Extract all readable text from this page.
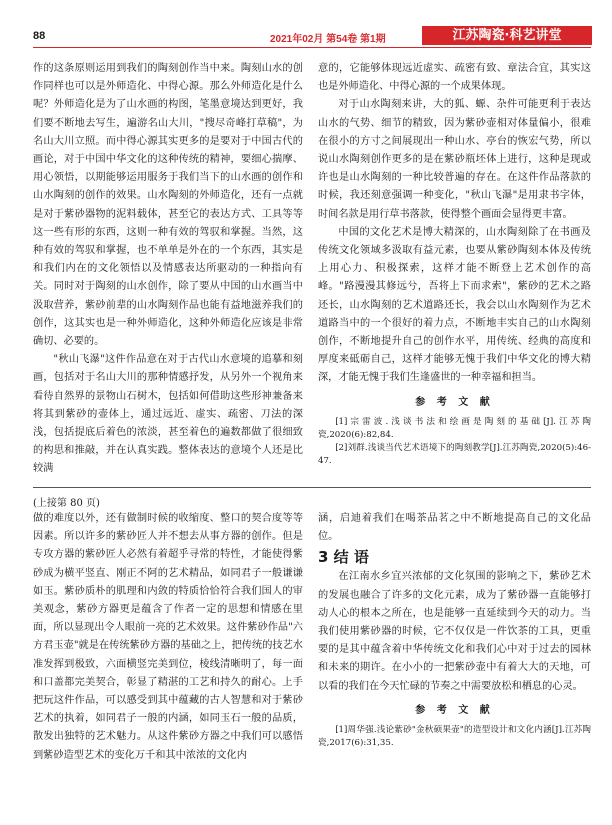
88	2021年02月 第54卷 第1期	江苏陶瓷·科艺讲堂

作的这条原则运用到我们的陶刻创作当中来。陶刻山水的创作同样也可以是外师造化、中得心源。那么外师造化是什么呢？外师造化是为了山水画的构图，笔墨意境达到更好，我们要不断地去写生，遍游名山大川，"搜尽奇峰打草稿"，为名山大川立照。而中得心源其实更多的是要对于中国古代的画论，对于中国中华文化的这种传统的精神，要细心揣摩、用心领悟，以期能够运用服务于我们当下的山水画的创作和山水陶刻的创作的效果。山水陶刻的外师造化，还有一点就是对于紫砂器物的泥料载体，甚至它的表达方式、工具等等这一些有形的东西，这则一种有效的驾驭和掌握。当然，这种有效的驾驭和掌握，也不单单是外在的一个东西，其实是和我们内在的文化领悟以及情感表达所驱动的一种指向有关。同时对于陶刻的山水创作，除了要从中国的山水画当中汲取营养，紫砂前辈的山水陶刻作品也能有益地滋养我们的创作，这其实也是一种外师造化，这种外师造化应该是非常确切、必要的。

"秋山飞瀑"这件作品意在对于古代山水意境的追摹和刻画，包括对于名山大川的那种情感抒发，从另外一个视角来看待自然界的景物山石树木，包括如何借助这些形神兼备来将其到紫砂的壶体上，通过远近、虚实、疏密、刀法的深浅，包括提底后着色的浓淡，甚至着色的遍数都做了很细致的构思和推敲，并在认真实践。整体表达的意境个人还是比较满

意的，它能够体现远近虚实、疏密有致、章法合宜，其实这也是外师造化、中得心源的一个成果体现。

对于山水陶刻来讲，大的狐、螈、杂件可能更利于表达山水的气势、细节的精致，因为紫砂壶相对体量偏小，很难在很小的方寸之间展现出一种山水、亭台的恢宏气势，所以说山水陶刻创作更多的是在紫砂瓶坯体上进行，这种是现或许也是山水陶刻的一种比较普遍的存在。在这件作品落款的时候，我还刻意强调一种变化，"秋山飞瀑"是用隶书字体，时间名款是用行草书落款，使得整个画面会显得更丰富。

中国的文化艺术是博大精深的，山水陶刻除了在书画及传统文化领域多汲取有益元素，也要从紫砂陶刻本体及传统上用心力、积极探索，这样才能不断登上艺术创作的高峰。"路漫漫其修远兮，吾将上下而求索"，紫砂的艺术之路还长，山水陶刻的艺术道路还长，我会以山水陶刻作为艺术道路当中的一个很好的着力点，不断地丰实自己的山水陶刻创作，不断地提升自己的创作水平，用传统、经典的高度和厚度来砥砺自己，这样才能够无愧于我们中华文化的博大精深，才能无愧于我们生逢盛世的一种幸福和担当。

参 考 文 献

[1]宗雷波.浅谈书法和绘画是陶刻的基础[J].江苏陶瓷,2020(6):82,84.

[2]刘群.浅谈当代艺术语境下的陶刻教学[J].江苏陶瓷,2020(5):46-47.

(上接第 80 页)

做的难度以外，还有做制时候的收缩度、整口的契合度等等因素。所以许多的紫砂匠人并不想去从事方器的创作。但是专攻方器的紫砂匠人必然有着超乎寻常的特性，才能使得紫砂成为横平竖直、刚正不阿的艺术精品，如同君子一般谦谦如玉。紫砂质朴的肌理和内敛的特质恰恰符合我们国人的审美观念，紫砂方器更是蕴含了作者一定的思想和情感在里面，所以显现出令人眼前一亮的艺术效果。这件紫砂作品"六方君玉壶"就是在传统紫砂方器的基础之上，把传统的技艺水准发挥到极致，六面横竖完美到位，棱线清晰明了，每一面和口盖都完美契合，彰显了精湛的工艺和持久的耐心。上手把玩这件作品，可以感受到其中蕴藏的古人智慧和对于紫砂艺术的执着，如同君子一般的内涵，如同玉石一般的品质，散发出独特的艺术魅力。从这件紫砂方器之中我们可以感悟到紫砂造型艺术的变化万千和其中浓浓的文化内

涵，启迪着我们在喝茶品茗之中不断地提高自己的文化品位。

3 结 语

在江南水乡宜兴浓郁的文化氛围的影响之下，紫砂艺术的发展也融合了许多的文化元素，成为了紫砂器一直能够打动人心的根本之所在，也是能够一直延续到今天的动力。当我们使用紫砂器的时候，它不仅仅是一件饮茶的工具，更重要的是其中蕴含着中华传统文化和我们心中对于过去的园林和未来的期许。在小小的一把紫砂壶中有着大大的天地，可以看的我们在今天忙碌的节奏之中需要放松和栖息的心灵。

参 考 文 献

[1]周华强.浅论紫砂"金秋硕果壶"的造型设计和文化内涵[J].江苏陶瓷,2017(6):31,35.
